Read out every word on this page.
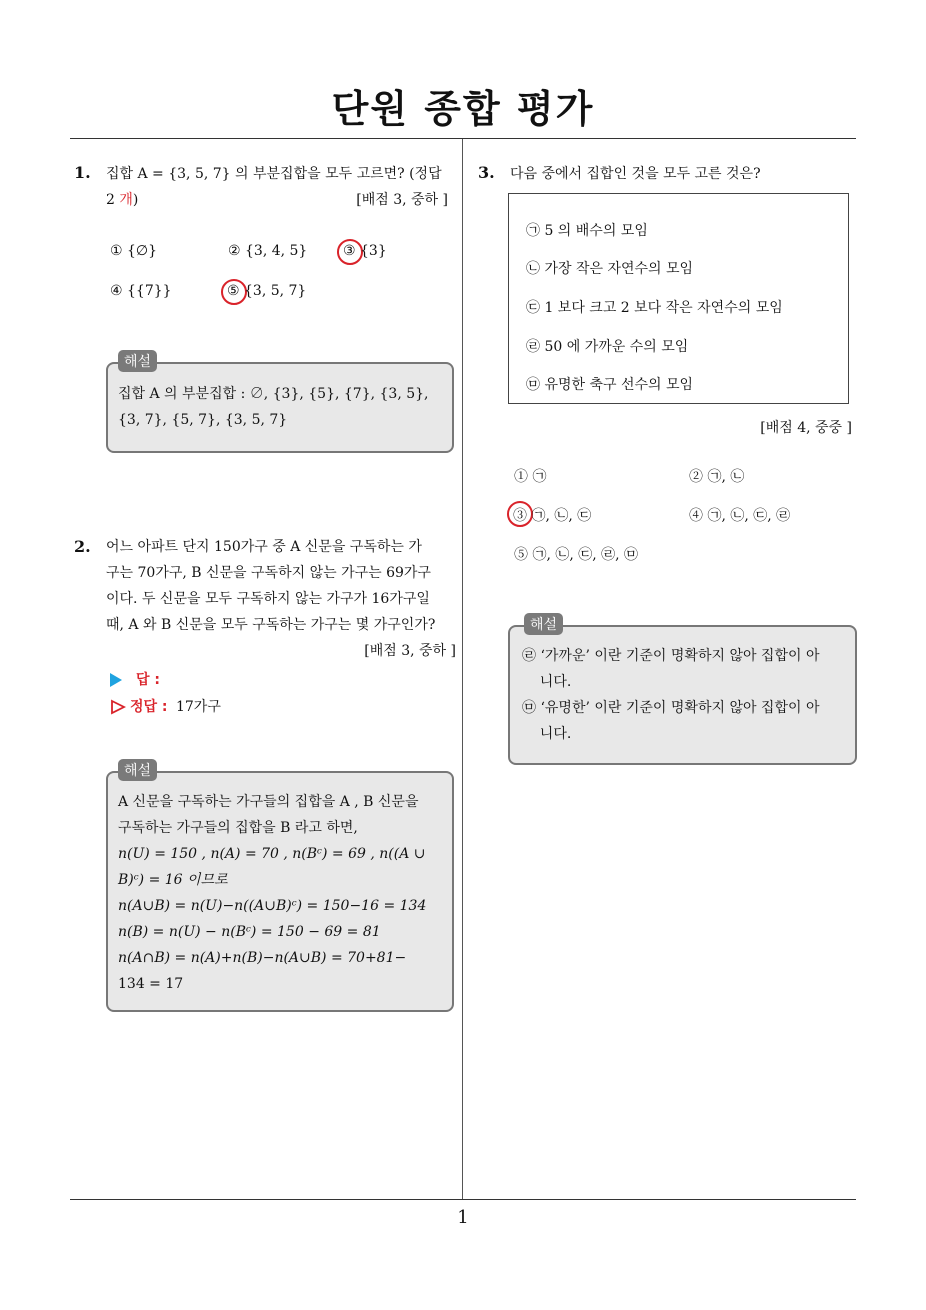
단원 종합 평가
1
1. 집합 A = {3, 5, 7} 의 부분집합을 모두 고르면? (정답
2 개)	[배점 3, 중하 ]
① {∅}	② {3, 4, 5}	③ {3}
④ {{7}}	⑤ {3, 5, 7}
해설
집합 A 의 부분집합 : ∅, {3}, {5}, {7}, {3, 5},
{3, 7}, {5, 7}, {3, 5, 7}
2. 어느 아파트 단지 150가구 중 A 신문을 구독하는 가
구는 70가구, B 신문을 구독하지 않는 가구는 69가구
이다. 두 신문을 모두 구독하지 않는 가구가 16가구일
때, A 와 B 신문을 모두 구독하는 가구는 몇 가구인가?
[배점 3, 중하 ]
답 :
정답 : 17가구
해설
A 신문을 구독하는 가구들의 집합을 A , B 신문을
구독하는 가구들의 집합을 B 라고 하면,
n(U) = 150 , n(A) = 70 , n(Bᶜ) = 69 , n((A ∪
B)ᶜ) = 16 이므로
n(A∪B) = n(U)−n((A∪B)ᶜ) = 150−16 = 134
n(B) = n(U) − n(Bᶜ) = 150 − 69 = 81
n(A∩B) = n(A)+n(B)−n(A∪B) = 70+81−
134 = 17
3. 다음 중에서 집합인 것을 모두 고른 것은?
㉠ 5 의 배수의 모임
㉡ 가장 작은 자연수의 모임
㉢ 1 보다 크고 2 보다 작은 자연수의 모임
㉣ 50 에 가까운 수의 모임
㉤ 유명한 축구 선수의 모임
[배점 4, 중중 ]
① ㉠	② ㉠, ㉡
③ ㉠, ㉡, ㉢	④ ㉠, ㉡, ㉢, ㉣
⑤ ㉠, ㉡, ㉢, ㉣, ㉤
해설
㉣ ‘가까운’ 이란 기준이 명확하지 않아 집합이 아
니다.
㉤ ‘유명한’ 이란 기준이 명확하지 않아 집합이 아
니다.
